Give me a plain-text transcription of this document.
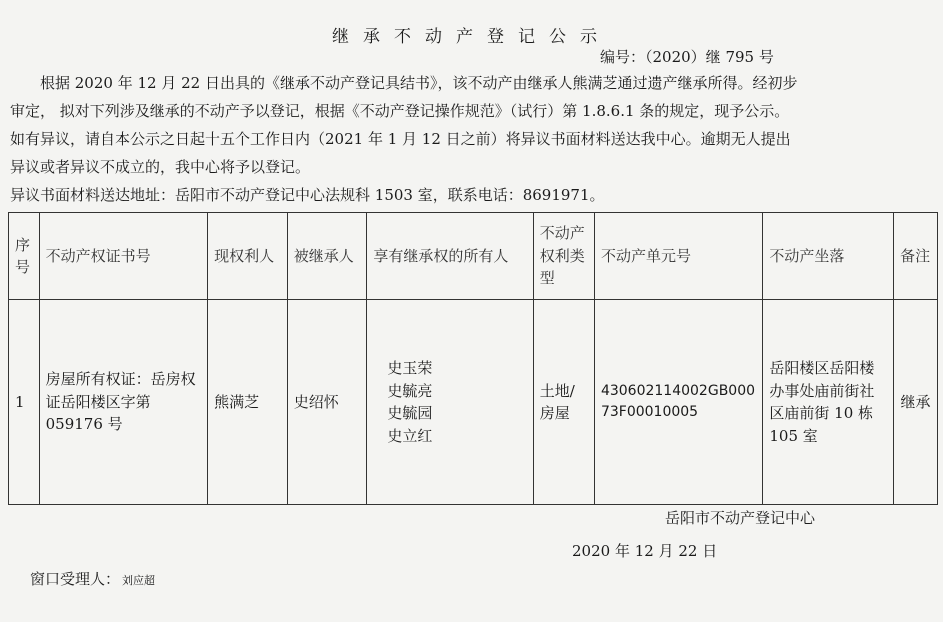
继承不动产登记公示
编号：（2020）继 795 号
根据 2020 年 12 月 22 日出具的《继承不动产登记具结书》，该不动产由继承人熊满芝通过遗产继承所得。经初步
审定， 拟对下列涉及继承的不动产予以登记，根据《不动产登记操作规范》（试行）第 1.8.6.1 条的规定，现予公示。
如有异议，请自本公示之日起十五个工作日内（2021 年 1 月 12 日之前）将异议书面材料送达我中心。逾期无人提出
异议或者异议不成立的，我中心将予以登记。
异议书面材料送达地址：岳阳市不动产登记中心法规科 1503 室，联系电话：8691971。
序号	不动产权证书号	现权利人	被继承人	享有继承权的所有人	不动产权利类型	不动产单元号	不动产坐落	备注
1	房屋所有权证：岳房权证岳阳楼区字第 059176 号	熊满芝	史绍怀	史玉荣
史毓亮
史毓园
史立红	土地/房屋	430602114002GB00073F00010005	岳阳楼区岳阳楼办事处庙前街社区庙前街 10 栋 105 室	继承
岳阳市不动产登记中心
2020 年 12 月 22 日
窗口受理人： 刘应超
